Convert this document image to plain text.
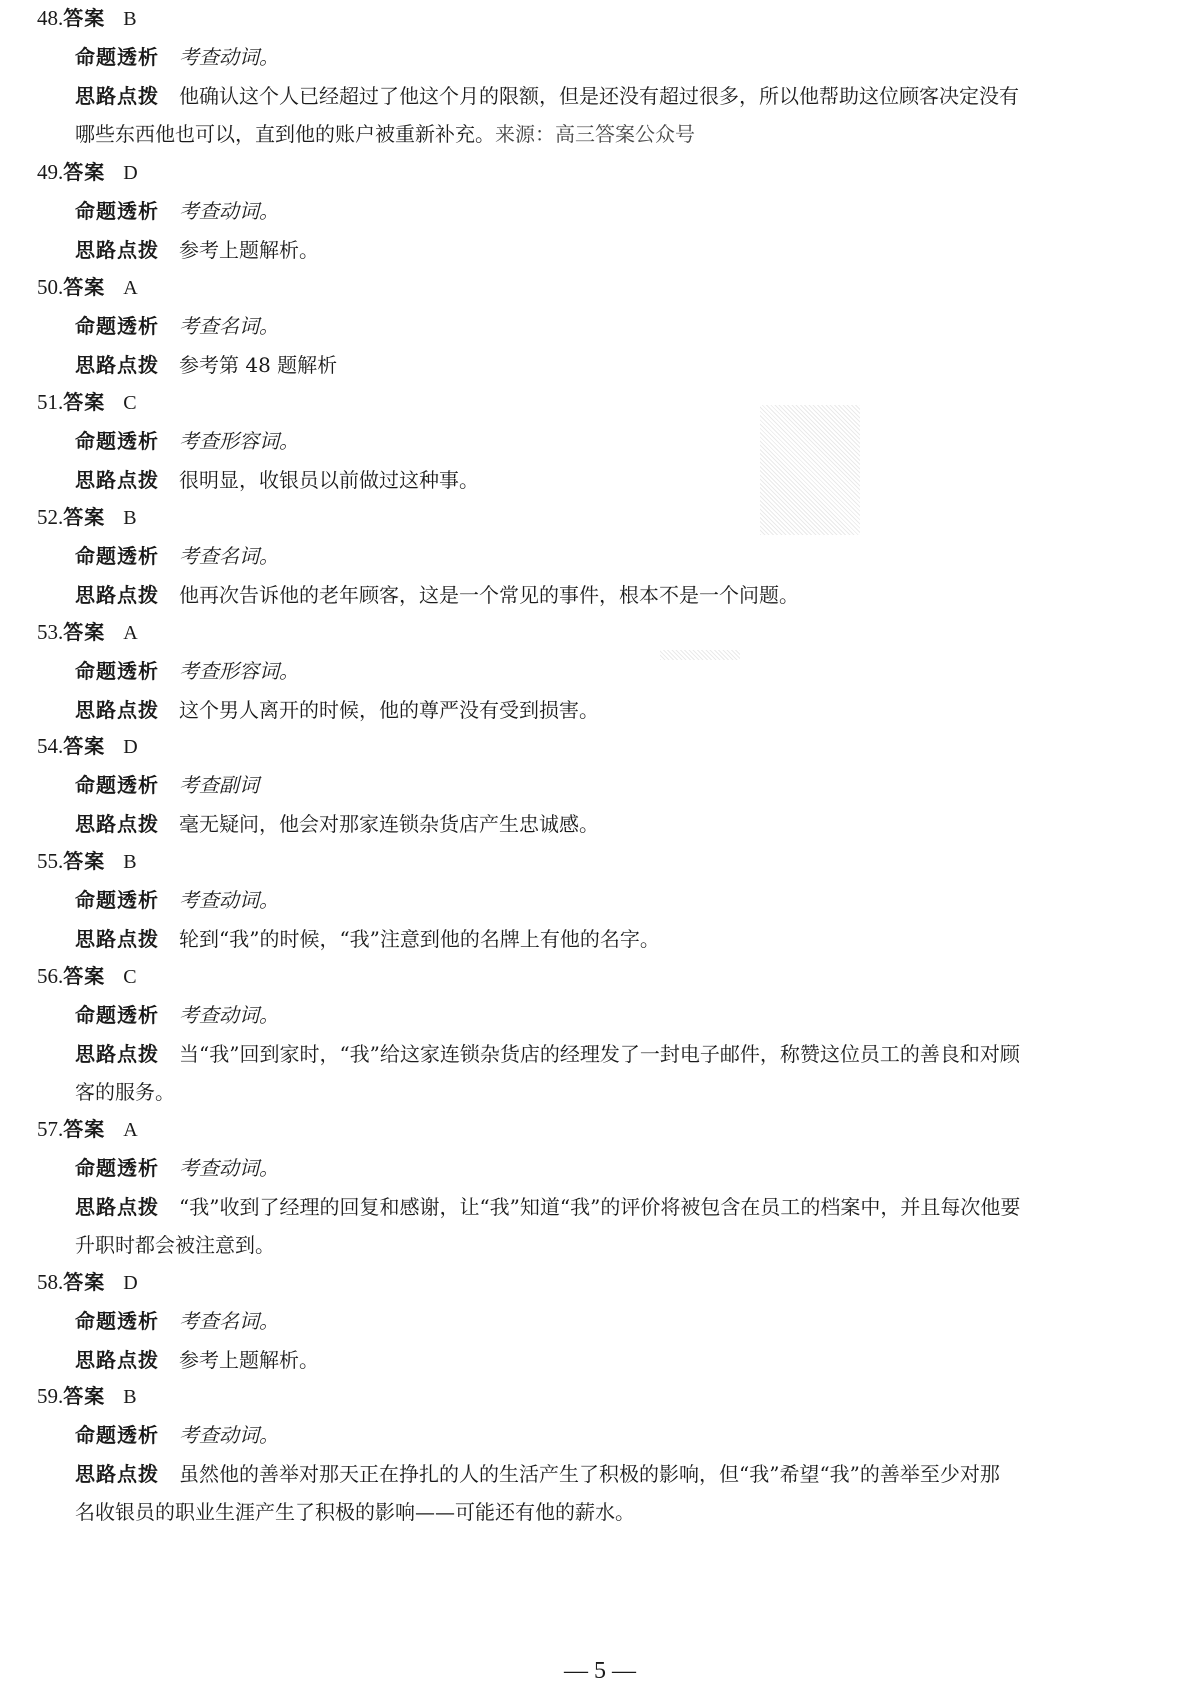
48.答案 B
命题透析 考查动词。
思路点拨 他确认这个人已经超过了他这个月的限额，但是还没有超过很多，所以他帮助这位顾客决定没有
哪些东西他也可以，直到他的账户被重新补充。来源：高三答案公众号
49.答案 D
命题透析 考查动词。
思路点拨 参考上题解析。
50.答案 A
命题透析 考查名词。
思路点拨 参考第 48 题解析
51.答案 C
命题透析 考查形容词。
思路点拨 很明显，收银员以前做过这种事。
52.答案 B
命题透析 考查名词。
思路点拨 他再次告诉他的老年顾客，这是一个常见的事件，根本不是一个问题。
53.答案 A
命题透析 考查形容词。
思路点拨 这个男人离开的时候，他的尊严没有受到损害。
54.答案 D
命题透析 考查副词
思路点拨 毫无疑问，他会对那家连锁杂货店产生忠诚感。
55.答案 B
命题透析 考查动词。
思路点拨 轮到“我”的时候，“我”注意到他的名牌上有他的名字。
56.答案 C
命题透析 考查动词。
思路点拨 当“我”回到家时，“我”给这家连锁杂货店的经理发了一封电子邮件，称赞这位员工的善良和对顾
客的服务。
57.答案 A
命题透析 考查动词。
思路点拨 “我”收到了经理的回复和感谢，让“我”知道“我”的评价将被包含在员工的档案中，并且每次他要
升职时都会被注意到。
58.答案 D
命题透析 考查名词。
思路点拨 参考上题解析。
59.答案 B
命题透析 考查动词。
思路点拨 虽然他的善举对那天正在挣扎的人的生活产生了积极的影响，但“我”希望“我”的善举至少对那
名收银员的职业生涯产生了积极的影响——可能还有他的薪水。
— 5 —
